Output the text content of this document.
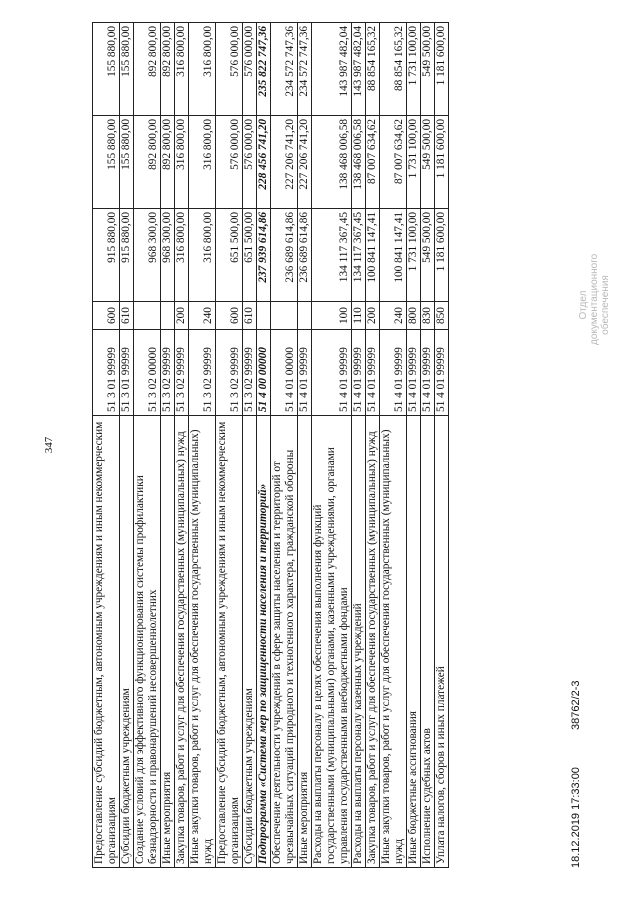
347	Предоставление субсидий бюджетным, автономным учреждениям и иным некоммерческим организациям	51 3 01 99999	600	915 880,00	155 880,00	155 880,00
Субсидии бюджетным учреждениям	51 3 01 99999	610	915 880,00	155 880,00	155 880,00
Создание условий для эффективного функционирования системы профилактики безнадзорности и правонарушений несовершеннолетних	51 3 02 00000		968 300,00	892 800,00	892 800,00
Иные мероприятия	51 3 02 99999		968 300,00	892 800,00	892 800,00
Закупка товаров, работ и услуг для обеспечения государственных (муниципальных) нужд	51 3 02 99999	200	316 800,00	316 800,00	316 800,00
Иные закупки товаров, работ и услуг для обеспечения государственных (муниципальных) нужд	51 3 02 99999	240	316 800,00	316 800,00	316 800,00
Предоставление субсидий бюджетным, автономным учреждениям и иным некоммерческим организациям	51 3 02 99999	600	651 500,00	576 000,00	576 000,00
Субсидии бюджетным учреждениям	51 3 02 99999	610	651 500,00	576 000,00	576 000,00
Подпрограмма «Система мер по защищенности населения и территорий»	51 4 00 00000		237 939 614,86	228 456 741,20	235 822 747,36
Обеспечение деятельности учреждений в сфере защиты населения и территорий от чрезвычайных ситуаций природного и техногенного характера, гражданской обороны	51 4 01 00000		236 689 614,86	227 206 741,20	234 572 747,36
Иные мероприятия	51 4 01 99999		236 689 614,86	227 206 741,20	234 572 747,36
Расходы на выплаты персоналу в целях обеспечения выполнения функций государственными (муниципальными) органами, казенными учреждениями, органами управления государственными внебюджетными фондами	51 4 01 99999	100	134 117 367,45	138 468 006,58	143 987 482,04
Расходы на выплаты персоналу казенных учреждений	51 4 01 99999	110	134 117 367,45	138 468 006,58	143 987 482,04
Закупка товаров, работ и услуг для обеспечения государственных (муниципальных) нужд	51 4 01 99999	200	100 841 147,41	87 007 634,62	88 854 165,32
Иные закупки товаров, работ и услуг для обеспечения государственных (муниципальных) нужд	51 4 01 99999	240	100 841 147,41	87 007 634,62	88 854 165,32
Иные бюджетные ассигнования	51 4 01 99999	800	1 731 100,00	1 731 100,00	1 731 100,00
Исполнение судебных актов	51 4 01 99999	830	549 500,00	549 500,00	549 500,00
Уплата налогов, сборов и иных платежей	51 4 01 99999	850	1 181 600,00	1 181 600,00	1 181 600,00
Отдел документационного обеспечения
18.12.2019 17:33:00 38762/2-3
